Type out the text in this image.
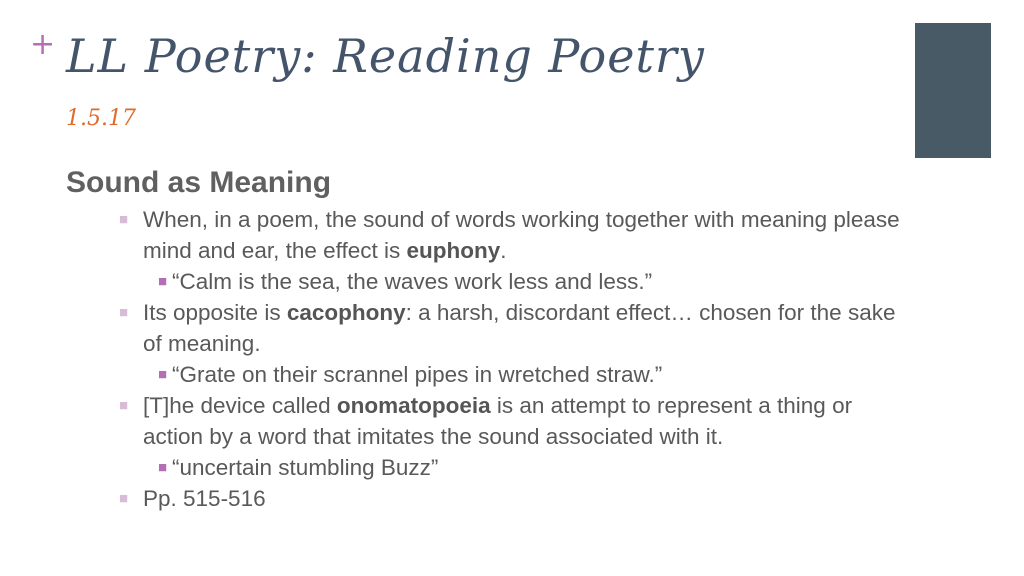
+ LL Poetry: Reading Poetry
1.5.17
Sound as Meaning
■ When, in a poem, the sound of words working together with meaning please mind and ear, the effect is euphony.
■ “Calm is the sea, the waves work less and less.”
■ Its opposite is cacophony: a harsh, discordant effect… chosen for the sake of meaning.
■ “Grate on their scrannel pipes in wretched straw.”
■ [T]he device called onomatopoeia is an attempt to represent a thing or action by a word that imitates the sound associated with it.
■ “uncertain stumbling Buzz”
■ Pp. 515-516
